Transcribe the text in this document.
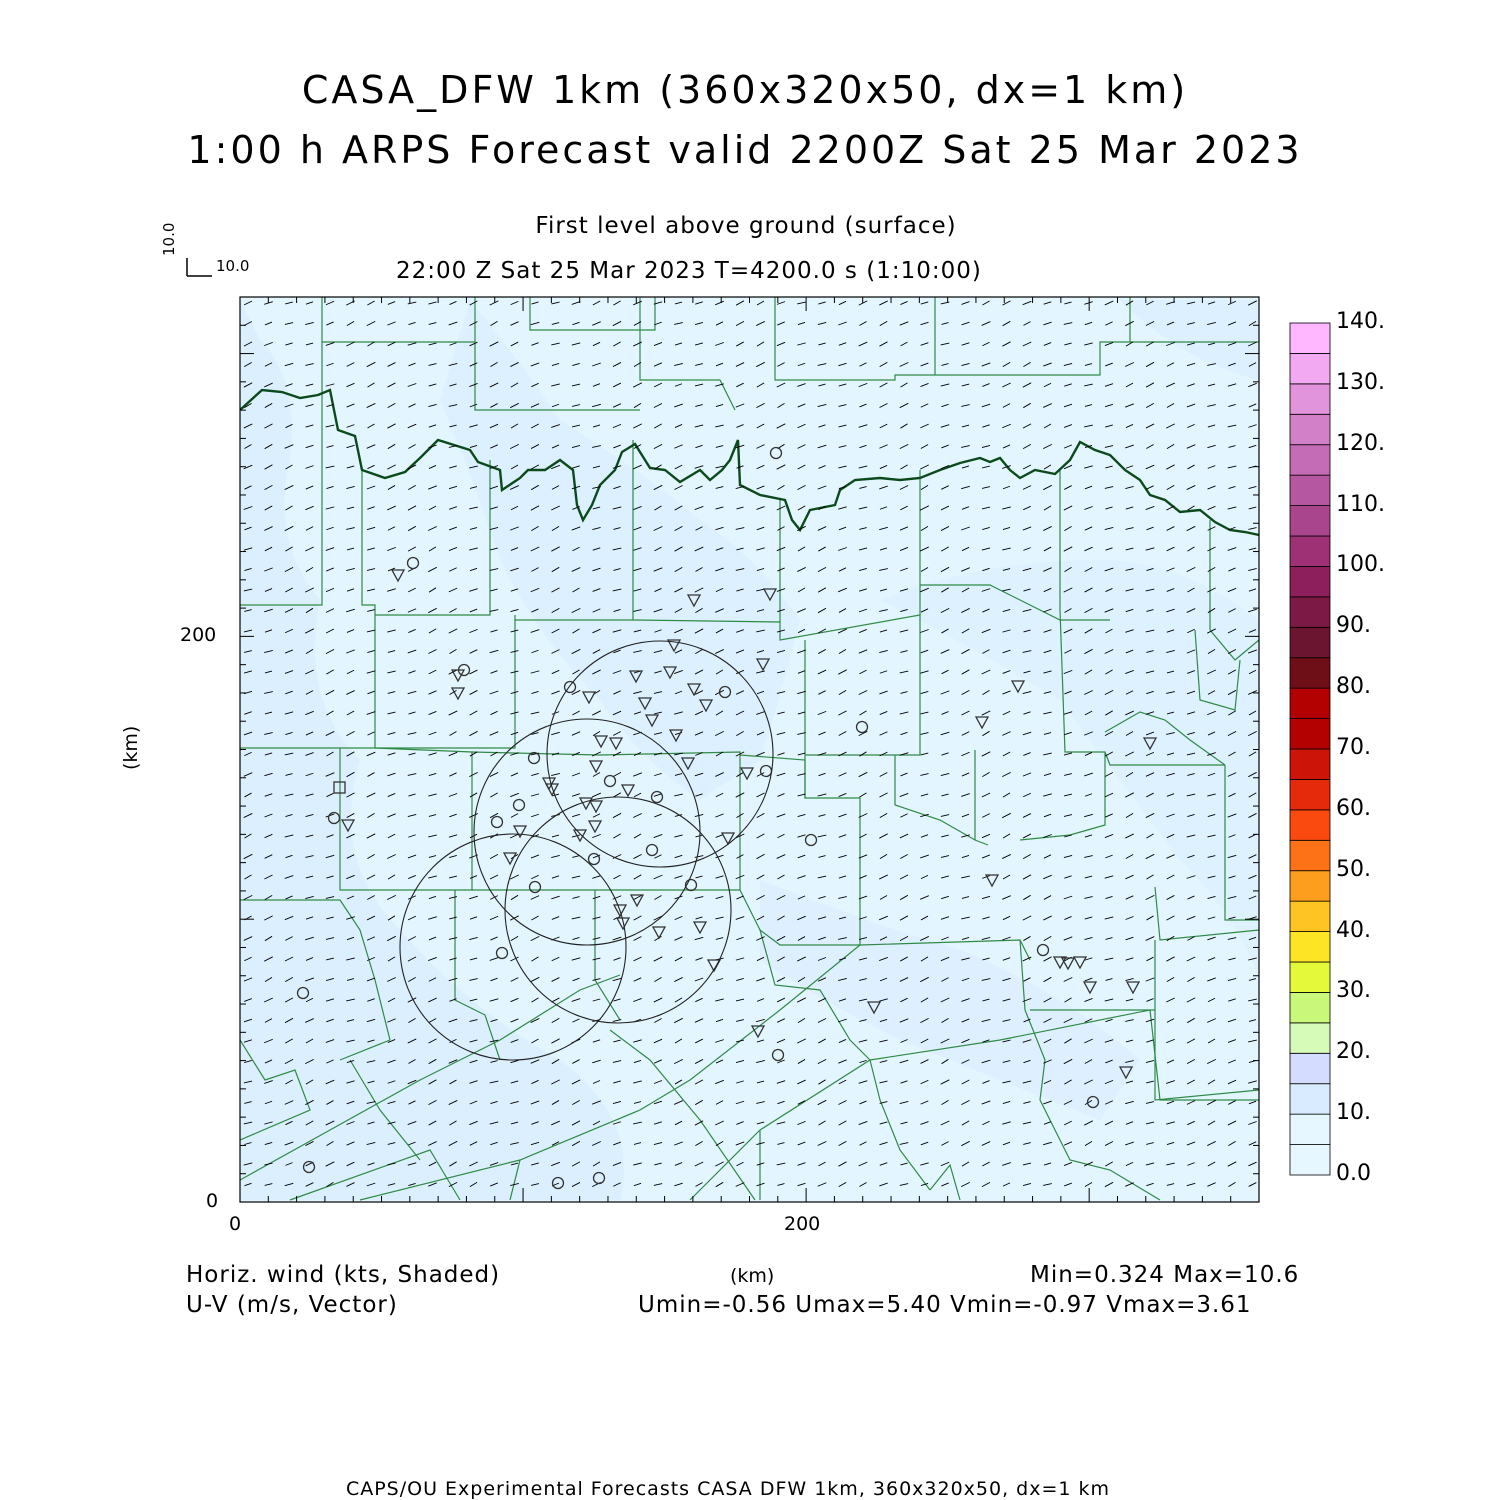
CASA_DFW 1km (360x320x50, dx=1 km)
1:00 h ARPS Forecast valid 2200Z Sat 25 Mar 2023
First level above ground (surface)
22:00 Z Sat 25 Mar 2023 T=4200.0 s (1:10:00)
10.0
10.0
0	200
0
200
(km)
(km)
Horiz. wind (kts, Shaded)
U-V (m/s, Vector)
Min=0.324 Max=10.6
Umin=-0.56 Umax=5.40 Vmin=-0.97 Vmax=3.61
CAPS/OU Experimental Forecasts CASA DFW 1km, 360x320x50, dx=1 km
0.0
10.
20.
30.
40.
50.
60.
70.
80.
90.
100.
110.
120.
130.
140.
